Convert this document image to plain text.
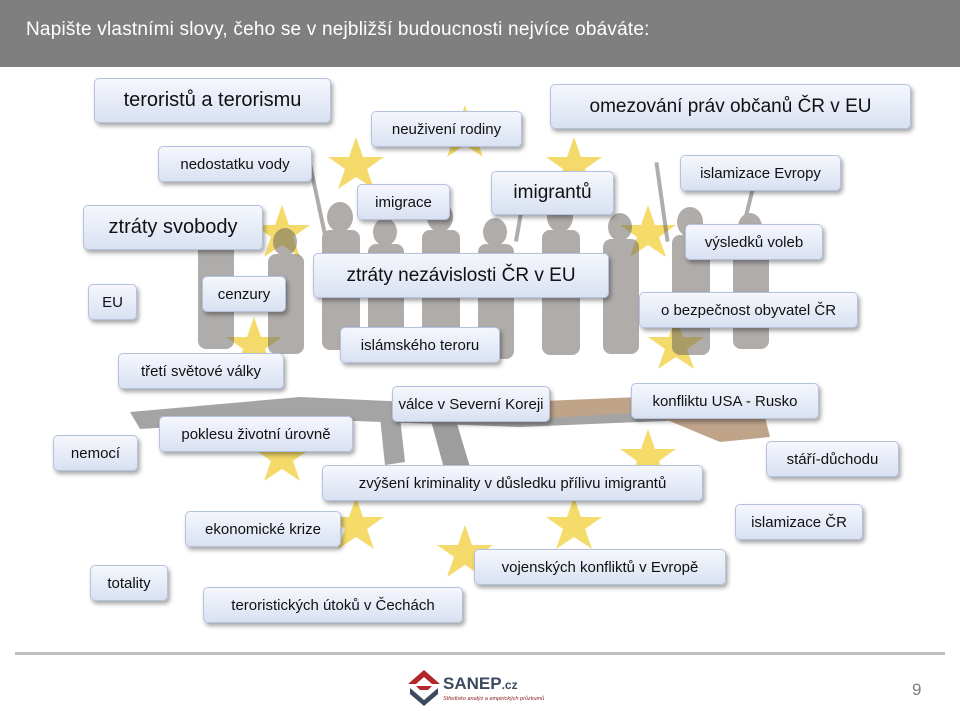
Napište vlastními slovy, čeho se v nejbližší budoucnosti nejvíce obáváte:
teroristů a terorismu
neuživení rodiny
omezování práv občanů ČR v EU
nedostatku vody
islamizace Evropy
imigrantů
imigrace
ztráty svobody
výsledků voleb
ztráty nezávislosti ČR v EU
EU	cenzury
o bezpečnost obyvatel ČR
islámského teroru
třetí světové války
válce v Severní Koreji	konfliktu USA - Rusko
poklesu životní úrovně
nemocí	stáří-důchodu
zvýšení kriminality v důsledku přílivu imigrantů
islamizace ČR
ekonomické krize
vojenských konfliktů v Evropě
totality
teroristických útoků v Čechách
SANEP.cz
Středisko analýz a empirických průzkumů	9
